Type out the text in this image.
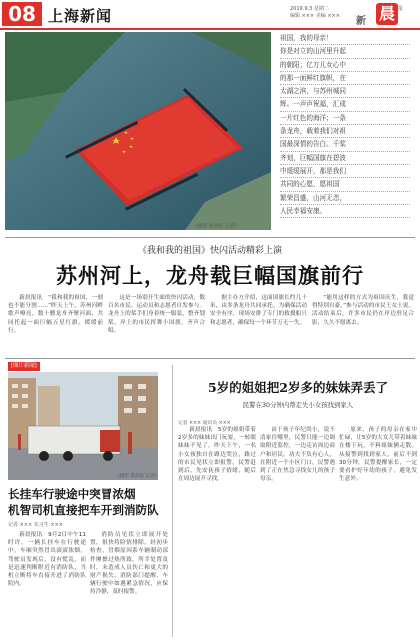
08 上海新闻	2019.9.3 星期二
编辑 ××× 美编 ××× 新 晨 报
(摄影 新晨报 记者)
祖国，我的母亲！
你是对立的山河里升起
的朝阳；亿万儿女心中
的那一面鲜红旗帜，在
太湖之滨，与苏州城同
辉。一声声祝福，汇成
一片红色的海洋；一条
条龙舟，载着我们对祖
国最深情的告白。千桨
齐划，巨幅国旗在碧波
中缓缓展开，那是我们
共同的心愿，愿祖国
繁荣昌盛，山河无恙，
人民幸福安康。
《我和我的祖国》快闪活动精彩上演
苏州河上，龙舟载巨幅国旗前行

新晨报讯　“我和我的祖国，一刻也不能分割……”昨天上午，苏州河畔歌声嘹亮，数十艘龙舟齐聚河面，共同托起一面巨幅五星红旗，缓缓前行。

这是一场别开生面的快闪活动，数百名市民、运动员和志愿者自发参与。龙舟上的桨手们身着统一服装，整齐划桨，岸上的市民挥舞小国旗，齐声合唱。

据主办方介绍，这面国旗长约几十米，由多条龙舟共同承托。为确保活动安全有序，现场安排了专门的救援船只和志愿者，确保每一个环节万无一失。

“能用这样的方式为祖国庆生，我觉得特别自豪。”参与活动的市民王女士说。活动结束后，许多市民仍在岸边驻足合影，久久不愿离去。

[图片新闻]
(摄影 新晨报 记者)
长挂车行驶途中突冒浓烟
机智司机直接把车开到消防队
记者 ××× 实习生 ×××

新晨报讯　9月2日中午11时许，一辆长挂车在行驶途中，车厢突然冒出滚滚浓烟。驾驶员发现后，没有慌乱，而是迅速判断附近有消防队，当机立断将车直接开进了消防队院内。

消防员见状立即展开处置，很快将险情排除。经初步检查，冒烟原因系车辆制动部件摩擦过热所致。所幸处置及时，未造成人员伤亡和更大的财产损失。消防部门提醒，车辆行驶中如遇紧急情况，应保持冷静，及时报警。

5岁的姐姐把2岁多的妹妹弄丢了
民警在30分钟内帮走失小女孩找到家人
记者 ××× 通讯员 ×××

新晨报讯　5岁的姐姐带着2岁多的妹妹出门玩耍，一转眼妹妹不见了。昨天下午，一名小女孩独自在路边哭泣，路过的市民见状立即报警。民警赶到后，先安抚孩子情绪，随后在周边展开寻找。

由于孩子年纪尚小，说不清家住哪里，民警只能一边调取附近监控，一边走访周边商户和居民。功夫不负有心人，在附近一个小区门口，民警遇到了正在焦急寻找女儿的孩子母亲。

原来，孩子的母亲在家中忙碌，让5岁的大女儿带着妹妹在楼下玩，不料姐妹俩走散。从接警到找到家人，前后不到30分钟。民警提醒家长，一定要看护好年幼的孩子，避免发生意外。
